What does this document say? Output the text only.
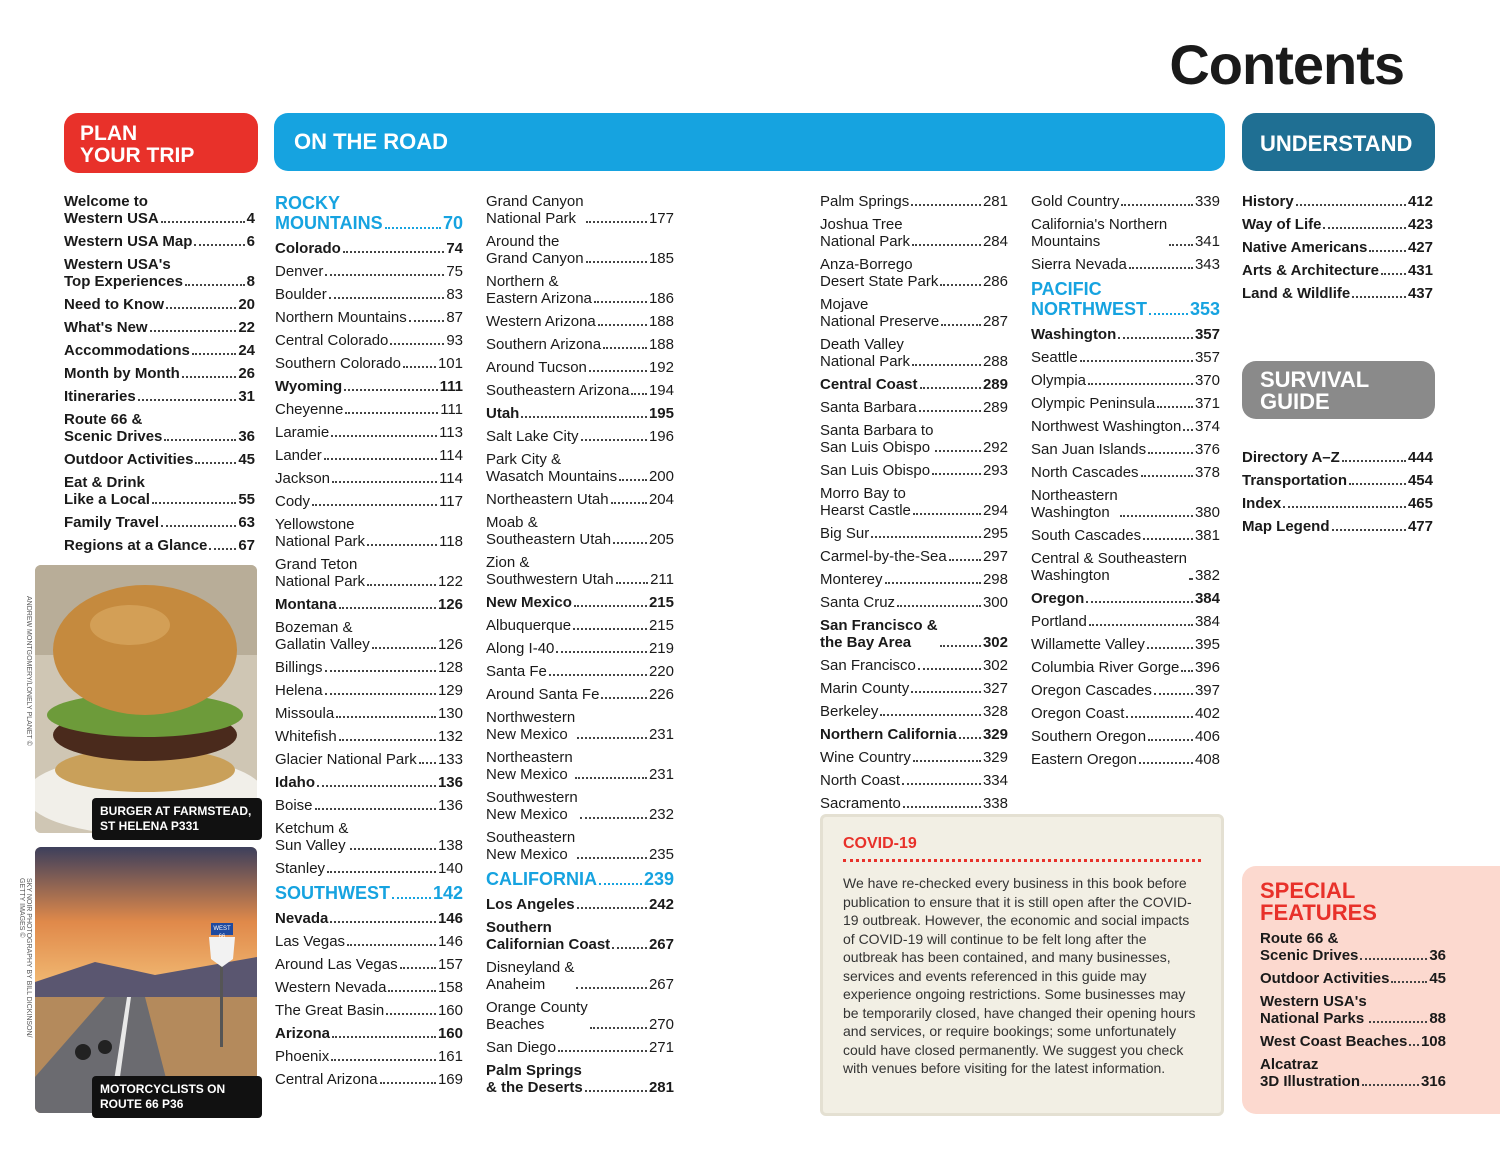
Contents
PLAN
YOUR TRIP
ON THE ROAD	UNDERSTAND
SURVIVAL
GUIDE
Welcome to
Western USA	4
Western USA Map	6
Western USA's
Top Experiences	8
Need to Know	20
What's New	22
Accommodations	24
Month by Month	26
Itineraries	31
Route 66 &
Scenic Drives	36
Outdoor Activities	45
Eat & Drink
Like a Local	55
Family Travel	63
Regions at a Glance 67
ROCKY
MOUNTAINS	70
Colorado	74
Denver	75
Boulder	83
Northern Mountains	87
Central Colorado	93
Southern Colorado 101
Wyoming	111
Cheyenne	111
Laramie	113
Lander	114
Jackson	114
Cody	117
Yellowstone
National Park	118
Grand Teton
National Park	122
Montana	126
Bozeman &
Gallatin Valley	126
Billings	128
Helena	129
Missoula	130
Whitefish	132
Glacier National Park 133
Idaho	136
Boise	136
Ketchum &
Sun Valley	138
Stanley	140
SOUTHWEST 142
Nevada	146
Las Vegas	146
Around Las Vegas	157
Western Nevada	158
The Great Basin	160
Arizona	160
Phoenix	161
Central Arizona	169
Grand Canyon
National Park	177
Around the
Grand Canyon	185
Northern &
Eastern Arizona	186
Western Arizona	188
Southern Arizona	188
Around Tucson	192
Southeastern Arizona 194
Utah	195
Salt Lake City	196
Park City &
Wasatch Mountains 200
Northeastern Utah	204
Moab &
Southeastern Utah	205
Zion &
Southwestern Utah 211
New Mexico	215
Albuquerque	215
Along I-40	219
Santa Fe	220
Around Santa Fe	226
Northwestern
New Mexico	231
Northeastern
New Mexico	231
Southwestern
New Mexico	232
Southeastern
New Mexico	235
CALIFORNIA	239
Los Angeles	242
Southern
Californian Coast	267
Disneyland &
Anaheim	267
Orange County
Beaches	270
San Diego	271
Palm Springs
& the Deserts	281
Palm Springs	281
Joshua Tree
National Park	284
Anza-Borrego
Desert State Park	286
Mojave
National Preserve	287
Death Valley
National Park	288
Central Coast	289
Santa Barbara	289
Santa Barbara to
San Luis Obispo	292
San Luis Obispo	293
Morro Bay to
Hearst Castle	294
Big Sur	295
Carmel-by-the-Sea 297
Monterey	298
Santa Cruz	300
San Francisco &
the Bay Area	302
San Francisco	302
Marin County	327
Berkeley	328
Northern California 329
Wine Country	329
North Coast	334
Sacramento	338
Gold Country	339
California's Northern
Mountains	341
Sierra Nevada	343
PACIFIC
NORTHWEST 353
Washington	357
Seattle	357
Olympia	370
Olympic Peninsula	371
Northwest Washington 374
San Juan Islands	376
North Cascades	378
Northeastern
Washington	380
South Cascades	381
Central & Southeastern
Washington	382
Oregon	384
Portland	384
Willamette Valley	395
Columbia River Gorge 396
Oregon Cascades	397
Oregon Coast	402
Southern Oregon	406
Eastern Oregon	408
History	412
Way of Life	423
Native Americans	427
Arts & Architecture 431
Land & Wildlife	437
Directory A–Z	444
Transportation	454
Index	465
Map Legend	477
BURGER AT FARMSTEAD, ST HELENA P331
ANDREW MONTGOMERY/LONELY PLANET ©
WEST 66
MOTORCYCLISTS ON ROUTE 66 P36
SKY NOIR PHOTOGRAPHY BY BILL DICKINSON/ GETTY IMAGES ©
COVID-19
We have re-checked every business in this book before publication to ensure that it is still open after the COVID-19 outbreak. However, the economic and social impacts of COVID-19 will continue to be felt long after the outbreak has been contained, and many businesses, services and events referenced in this guide may experience ongoing restrictions. Some businesses may be temporarily closed, have changed their opening hours and services, or require bookings; some unfortunately could have closed permanently. We suggest you check with venues before visiting for the latest information.
SPECIAL
FEATURES
Route 66 &
Scenic Drives	36
Outdoor Activities	45
Western USA's
National Parks	88
West Coast Beaches 108
Alcatraz
3D Illustration	316
